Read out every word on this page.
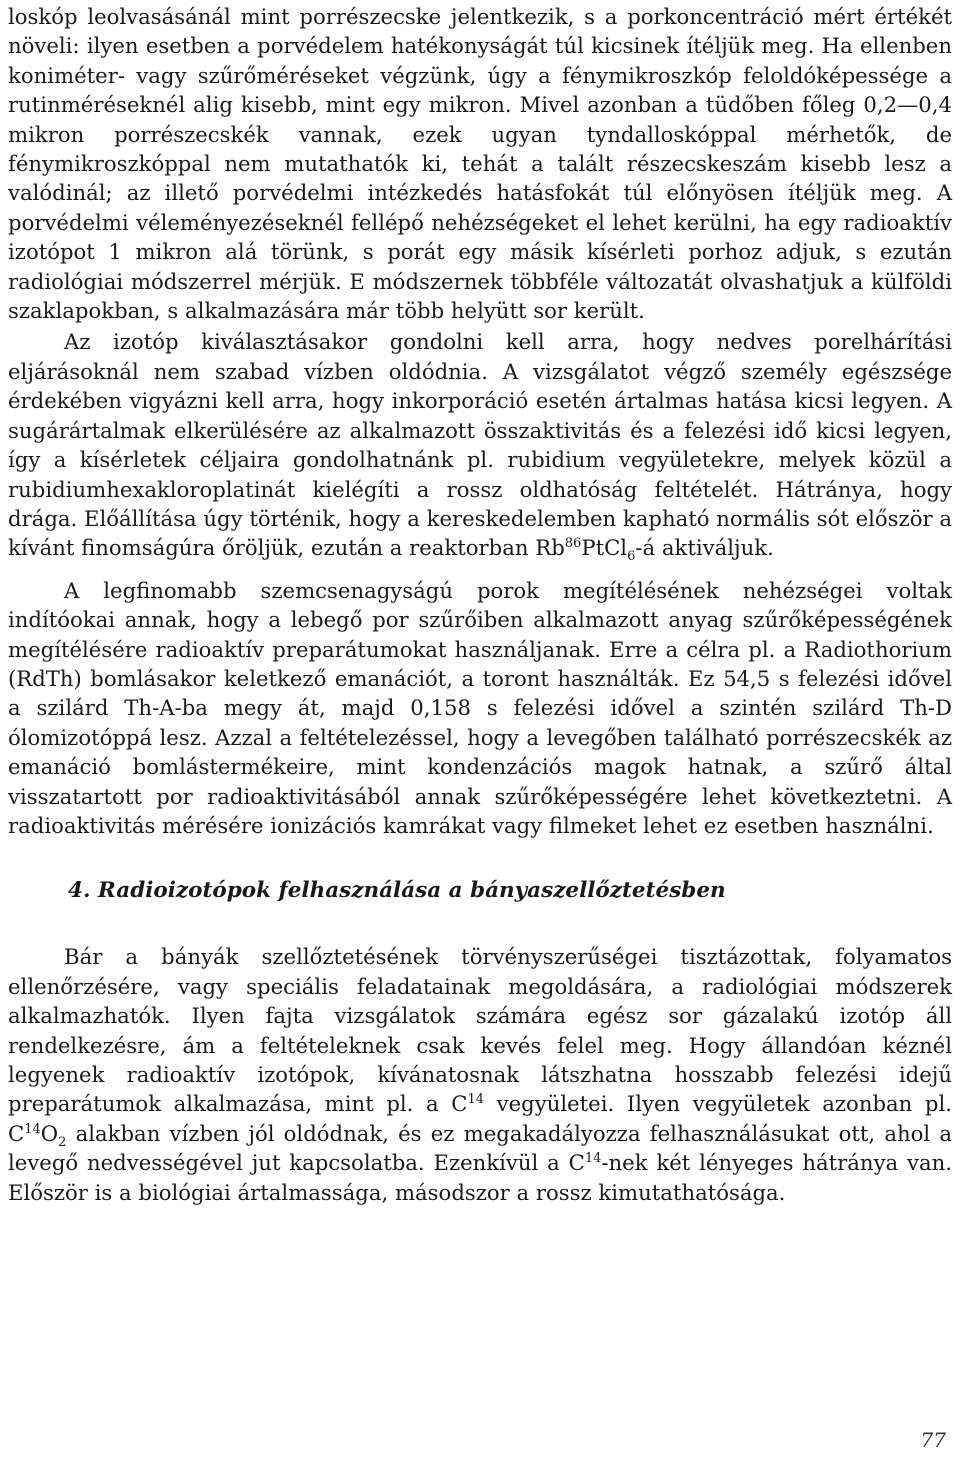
loskóp leolvasásánál mint porrészecske jelentkezik, s a porkoncentráció mért értékét növeli: ilyen esetben a porvédelem hatékonyságát túl kicsinek ítéljük meg. Ha ellenben koniméter- vagy szűrőméréseket végzünk, úgy a fénymikroszkóp feloldóképessége a rutinméréseknél alig kisebb, mint egy mikron. Mivel azonban a tüdőben főleg 0,2—0,4 mikron porrészecskék vannak, ezek ugyan tyndalloskóppal mérhetők, de fénymikroszkóppal nem mutathatók ki, tehát a talált részecskeszám kisebb lesz a valódinál; az illető porvédelmi intézkedés hatásfokát túl előnyösen ítéljük meg. A porvédelmi véleményezéseknél fellépő nehézségeket el lehet kerülni, ha egy radioaktív izotópot 1 mikron alá törünk, s porát egy másik kísérleti porhoz adjuk, s ezután radiológiai módszerrel mérjük. E módszernek többféle változatát olvashatjuk a külföldi szaklapokban, s alkalmazására már több helyütt sor került.

Az izotóp kiválasztásakor gondolni kell arra, hogy nedves porelhárítási eljárásoknál nem szabad vízben oldódnia. A vizsgálatot végző személy egészsége érdekében vigyázni kell arra, hogy inkorporáció esetén ártalmas hatása kicsi legyen. A sugárártalmak elkerülésére az alkalmazott összaktivitás és a felezési idő kicsi legyen, így a kísérletek céljaira gondolhatnánk pl. rubidium vegyületekre, melyek közül a rubidiumhexakloroplatinát kielégíti a rossz oldhatóság feltételét. Hátránya, hogy drága. Előállítása úgy történik, hogy a kereskedelemben kapható normális sót először a kívánt finomságúra őröljük, ezután a reaktorban $Rb^{86}PtCl_6-á$ aktiváljuk.

A legfinomabb szemcsenagyságú porok megítélésének nehézségei voltak indítóokai annak, hogy a lebegő por szűrőiben alkalmazott anyag szűrőképességének megítélésére radioaktív preparátumokat használjanak. Erre a célra pl. a Radiothorium (RdTh) bomlásakor keletkező emanációt, a toront használták. Ez 54,5 s felezési idővel a szilárd Th-A-ba megy át, majd 0,158 s felezési idővel a szintén szilárd Th-D ólomizotóppá lesz. Azzal a feltételezéssel, hogy a levegőben található porrészecskék az emanáció bomlástermékeire, mint kondenzációs magok hatnak, a szűrő által visszatartott por radioaktivitásából annak szűrőképességére lehet következtetni. A radioaktivitás mérésére ionizációs kamrákat vagy filmeket lehet ez esetben használni.

4. Radioizotópok felhasználása a bányaszellőztetésben

Bár a bányák szellőztetésének törvényszerűségei tisztázottak, folyamatos ellenőrzésére, vagy speciális feladatainak megoldására, a radiológiai módszerek alkalmazhatók. Ilyen fajta vizsgálatok számára egész sor gázalakú izotóp áll rendelkezésre, ám a feltételeknek csak kevés felel meg. Hogy állandóan kéznél legyenek radioaktív izotópok, kívánatosnak látszhatna hosszabb felezési idejű preparátumok alkalmazása, mint pl. a $C^{14}$ vegyületei. Ilyen vegyületek azonban pl. $C^{14}O_2$ alakban vízben jól oldódnak, és ez megakadályozza felhasználásukat ott, ahol a levegő nedvességével jut kapcsolatba. Ezenkívül a $C^{14}$-nek két lényeges hátránya van. Először is a biológiai ártalmassága, másodszor a rossz kimutathatósága.

77
